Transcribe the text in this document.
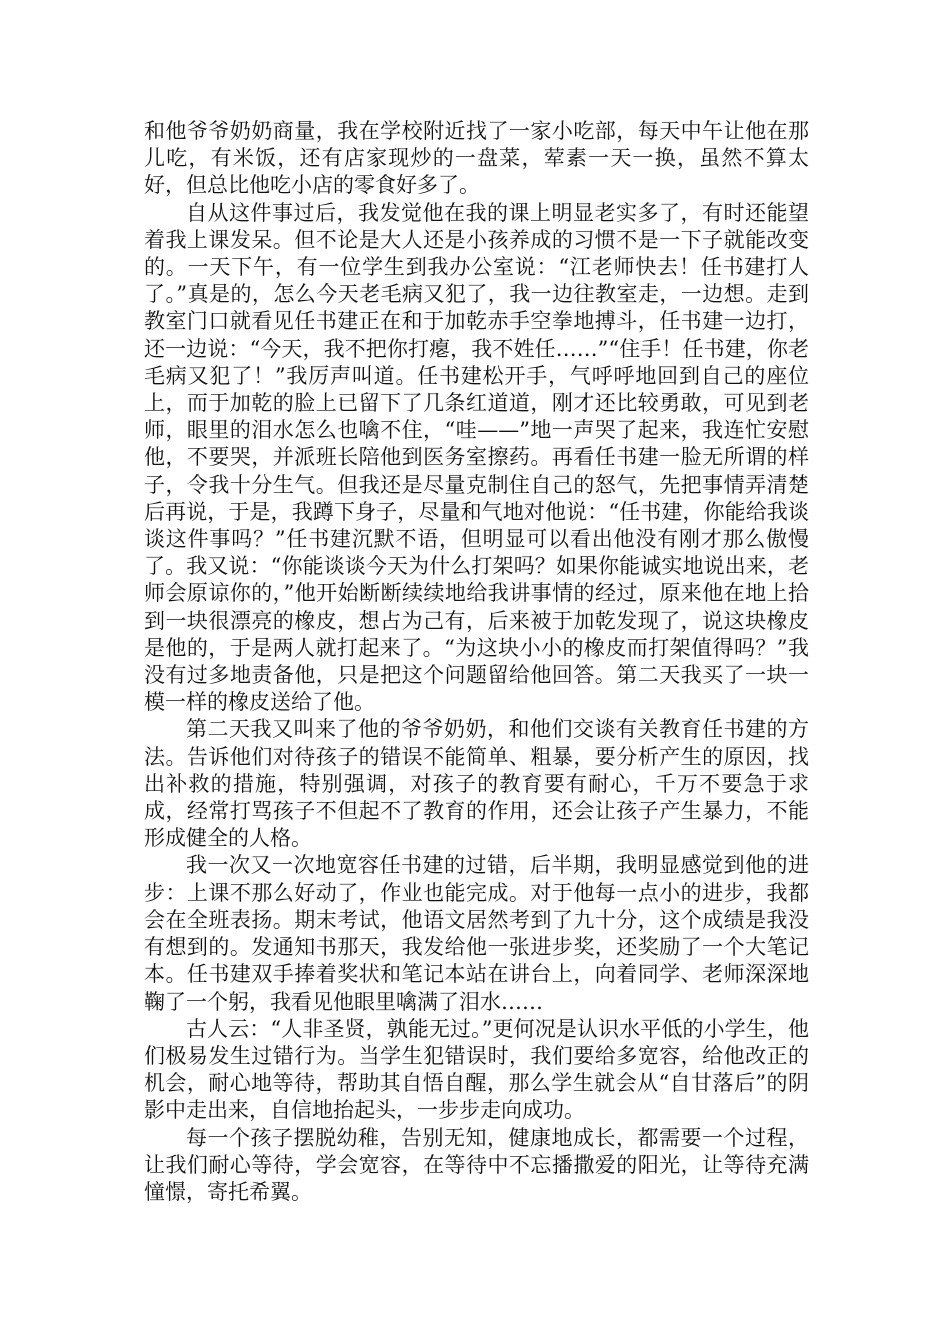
和他爷爷奶奶商量，我在学校附近找了一家小吃部，每天中午让他在那儿吃，有米饭，还有店家现炒的一盘菜，荤素一天一换，虽然不算太好，但总比他吃小店的零食好多了。

自从这件事过后，我发觉他在我的课上明显老实多了，有时还能望着我上课发呆。但不论是大人还是小孩养成的习惯不是一下子就能改变的。一天下午，有一位学生到我办公室说：“江老师快去！任书建打人了。”真是的，怎么今天老毛病又犯了，我一边往教室走，一边想。走到教室门口就看见任书建正在和于加乾赤手空拳地搏斗，任书建一边打，还一边说：“今天，我不把你打瘪，我不姓任……”“住手！任书建，你老毛病又犯了！”我厉声叫道。任书建松开手，气呼呼地回到自己的座位上，而于加乾的脸上已留下了几条红道道，刚才还比较勇敢，可见到老师，眼里的泪水怎么也噙不住，“哇——”地一声哭了起来，我连忙安慰他，不要哭，并派班长陪他到医务室擦药。再看任书建一脸无所谓的样子，令我十分生气。但我还是尽量克制住自己的怒气，先把事情弄清楚后再说，于是，我蹲下身子，尽量和气地对他说：“任书建，你能给我谈谈这件事吗？”任书建沉默不语，但明显可以看出他没有刚才那么傲慢了。我又说：“你能谈谈今天为什么打架吗？如果你能诚实地说出来，老师会原谅你的，”他开始断断续续地给我讲事情的经过，原来他在地上拾到一块很漂亮的橡皮，想占为己有，后来被于加乾发现了，说这块橡皮是他的，于是两人就打起来了。“为这块小小的橡皮而打架值得吗？”我没有过多地责备他，只是把这个问题留给他回答。第二天我买了一块一模一样的橡皮送给了他。

第二天我又叫来了他的爷爷奶奶，和他们交谈有关教育任书建的方法。告诉他们对待孩子的错误不能简单、粗暴，要分析产生的原因，找出补救的措施，特别强调，对孩子的教育要有耐心，千万不要急于求成，经常打骂孩子不但起不了教育的作用，还会让孩子产生暴力，不能形成健全的人格。

我一次又一次地宽容任书建的过错，后半期，我明显感觉到他的进步：上课不那么好动了，作业也能完成。对于他每一点小的进步，我都会在全班表扬。期末考试，他语文居然考到了九十分，这个成绩是我没有想到的。发通知书那天，我发给他一张进步奖，还奖励了一个大笔记本。任书建双手捧着奖状和笔记本站在讲台上，向着同学、老师深深地鞠了一个躬，我看见他眼里噙满了泪水……

古人云：“人非圣贤，孰能无过。”更何况是认识水平低的小学生，他们极易发生过错行为。当学生犯错误时，我们要给多宽容，给他改正的机会，耐心地等待，帮助其自悟自醒，那么学生就会从“自甘落后”的阴影中走出来，自信地抬起头，一步步走向成功。

每一个孩子摆脱幼稚，告别无知，健康地成长，都需要一个过程，让我们耐心等待，学会宽容，在等待中不忘播撒爱的阳光，让等待充满憧憬，寄托希翼。
